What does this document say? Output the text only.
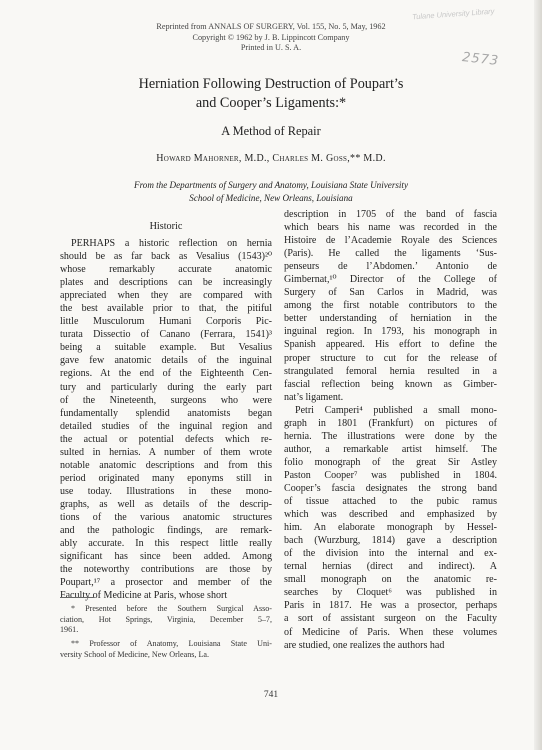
Tulane University Library
2573
Reprinted from ANNALS OF SURGERY, Vol. 155, No. 5, May, 1962
Copyright © 1962 by J. B. Lippincott Company
Printed in U. S. A.
Herniation Following Destruction of Poupart’s
and Cooper’s Ligaments:*
A Method of Repair
Howard Mahorner, M.D., Charles M. Goss,** M.D.
From the Departments of Surgery and Anatomy, Louisiana State University
School of Medicine, New Orleans, Louisiana
Historic
PERHAPS a historic reflection on hernia
should be as far back as Vesalius (1543)²⁰
whose remarkably accurate anatomic
plates and descriptions can be increasingly
appreciated when they are compared with
the best available prior to that, the pitiful
little Musculorum Humani Corporis Pic-
turata Dissectio of Canano (Ferrara, 1541)³
being a suitable example. But Vesalius
gave few anatomic details of the inguinal
regions. At the end of the Eighteenth Cen-
tury and particularly during the early part
of the Nineteenth, surgeons who were
fundamentally splendid anatomists began
detailed studies of the inguinal region and
the actual or potential defects which re-
sulted in hernias. A number of them wrote
notable anatomic descriptions and from this
period originated many eponyms still in
use today. Illustrations in these mono-
graphs, as well as details of the descrip-
tions of the various anatomic structures
and the pathologic findings, are remark-
ably accurate. In this respect little really
significant has since been added. Among
the noteworthy contributions are those by
Poupart,¹⁷ a prosector and member of the
Faculty of Medicine at Paris, whose short
description in 1705 of the band of fascia
which bears his name was recorded in the
Histoire de l’Academie Royale des Sciences
(Paris). He called the ligaments ‘Sus-
penseurs de l’Abdomen.’ Antonio de
Gimbernat,¹⁰ Director of the College of
Surgery of San Carlos in Madrid, was
among the first notable contributors to the
better understanding of herniation in the
inguinal region. In 1793, his monograph in
Spanish appeared. His effort to define the
proper structure to cut for the release of
strangulated femoral hernia resulted in a
fascial reflection being known as Gimber-
nat’s ligament.
Petri Camperi⁴ published a small mono-
graph in 1801 (Frankfurt) on pictures of
hernia. The illustrations were done by the
author, a remarkable artist himself. The
folio monograph of the great Sir Astley
Paston Cooper⁷ was published in 1804.
Cooper’s fascia designates the strong band
of tissue attached to the pubic ramus
which was described and emphasized by
him. An elaborate monograph by Hessel-
bach (Wurzburg, 1814) gave a description
of the division into the internal and ex-
ternal hernias (direct and indirect). A
small monograph on the anatomic re-
searches by Cloquet⁶ was published in
Paris in 1817. He was a prosector, perhaps
a sort of assistant surgeon on the Faculty
of Medicine of Paris. When these volumes
are studied, one realizes the authors had
* Presented before the Southern Surgical Asso-
ciation, Hot Springs, Virginia, December 5–7,
1961.
** Professor of Anatomy, Louisiana State Uni-
versity School of Medicine, New Orleans, La.
741
